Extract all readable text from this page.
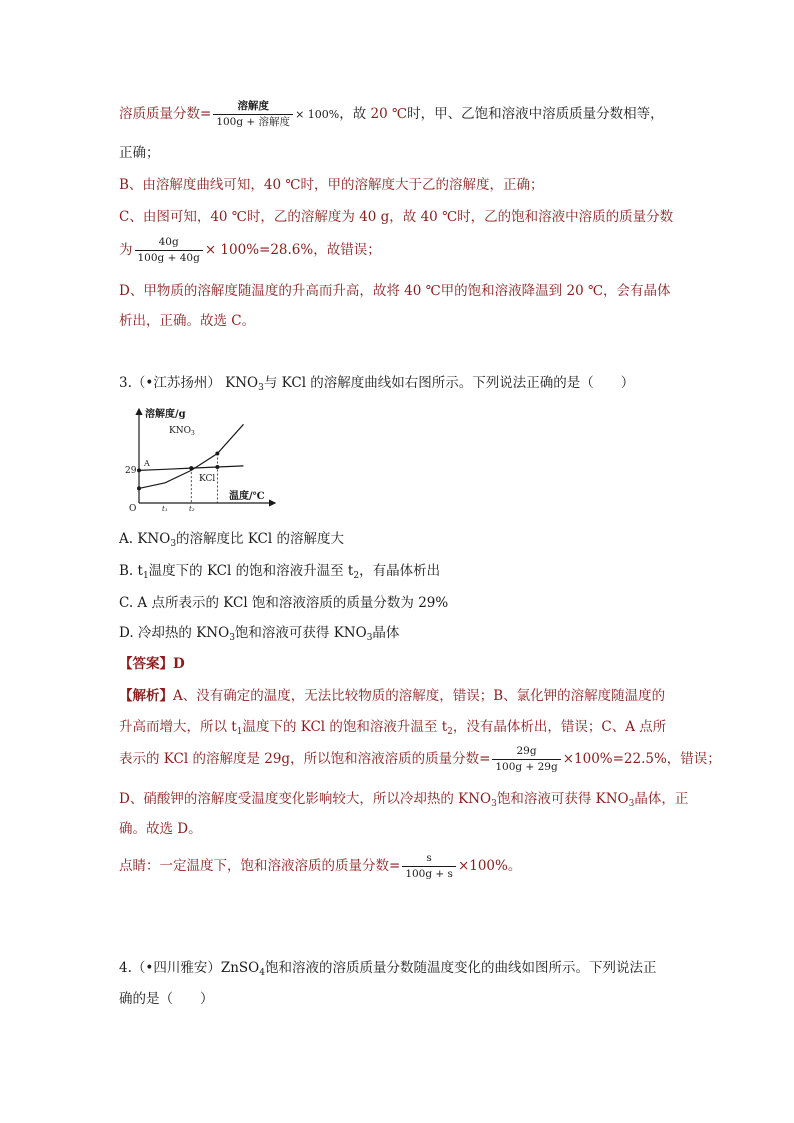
溶质质量分数= $\frac{\text{溶解度}}{\text{100g + 溶解度}} \times 100\%$，故 20 ℃时，甲、乙饱和溶液中溶质质量分数相等，
正确；
B、由溶解度曲线可知，40 ℃时，甲的溶解度大于乙的溶解度，正确；
C、由图可知，40 ℃时，乙的溶解度为 40 g，故 40 ℃时，乙的饱和溶液中溶质的质量分数
为 $\frac{40g}{100g + 40g} \times 100\%=28.6\%$，故错误；
D、甲物质的溶解度随温度的升高而升高，故将 40 ℃甲的饱和溶液降温到 20 ℃，会有晶体
析出，正确。故选 C。
3.（•江苏扬州） $KNO_3$与 KCl 的溶解度曲线如右图所示。下列说法正确的是（　　）
溶解度/g
温度/℃
O
29
A
t₁	t₂
$KNO_3$
KCl
A. $KNO_3$的溶解度比 KCl 的溶解度大
B. $t_1$温度下的 KCl 的饱和溶液升温至 $t_2$，有晶体析出
C. A 点所表示的 KCl 饱和溶液溶质的质量分数为 29%
D. 冷却热的 $KNO_3$饱和溶液可获得 $KNO_3$晶体
【答案】D
【解析】A、没有确定的温度，无法比较物质的溶解度，错误；B、氯化钾的溶解度随温度的
升高而增大，所以 $t_1$温度下的 KCl 的饱和溶液升温至 $t_2$，没有晶体析出，错误；C、A 点所
表示的 KCl 的溶解度是 29g，所以饱和溶液溶质的质量分数= $\frac{29g}{100g + 29g} \times 100\%=22.5\%$，错误；
D、硝酸钾的溶解度受温度变化影响较大，所以冷却热的 $KNO_3$饱和溶液可获得 $KNO_3$晶体，正
确。故选 D。
点睛：一定温度下，饱和溶液溶质的质量分数= $\frac{s}{100g + s} \times 100\%$。
4.（•四川雅安）ZnSO$_4$饱和溶液的溶质质量分数随温度变化的曲线如图所示。下列说法正
确的是（　　）
